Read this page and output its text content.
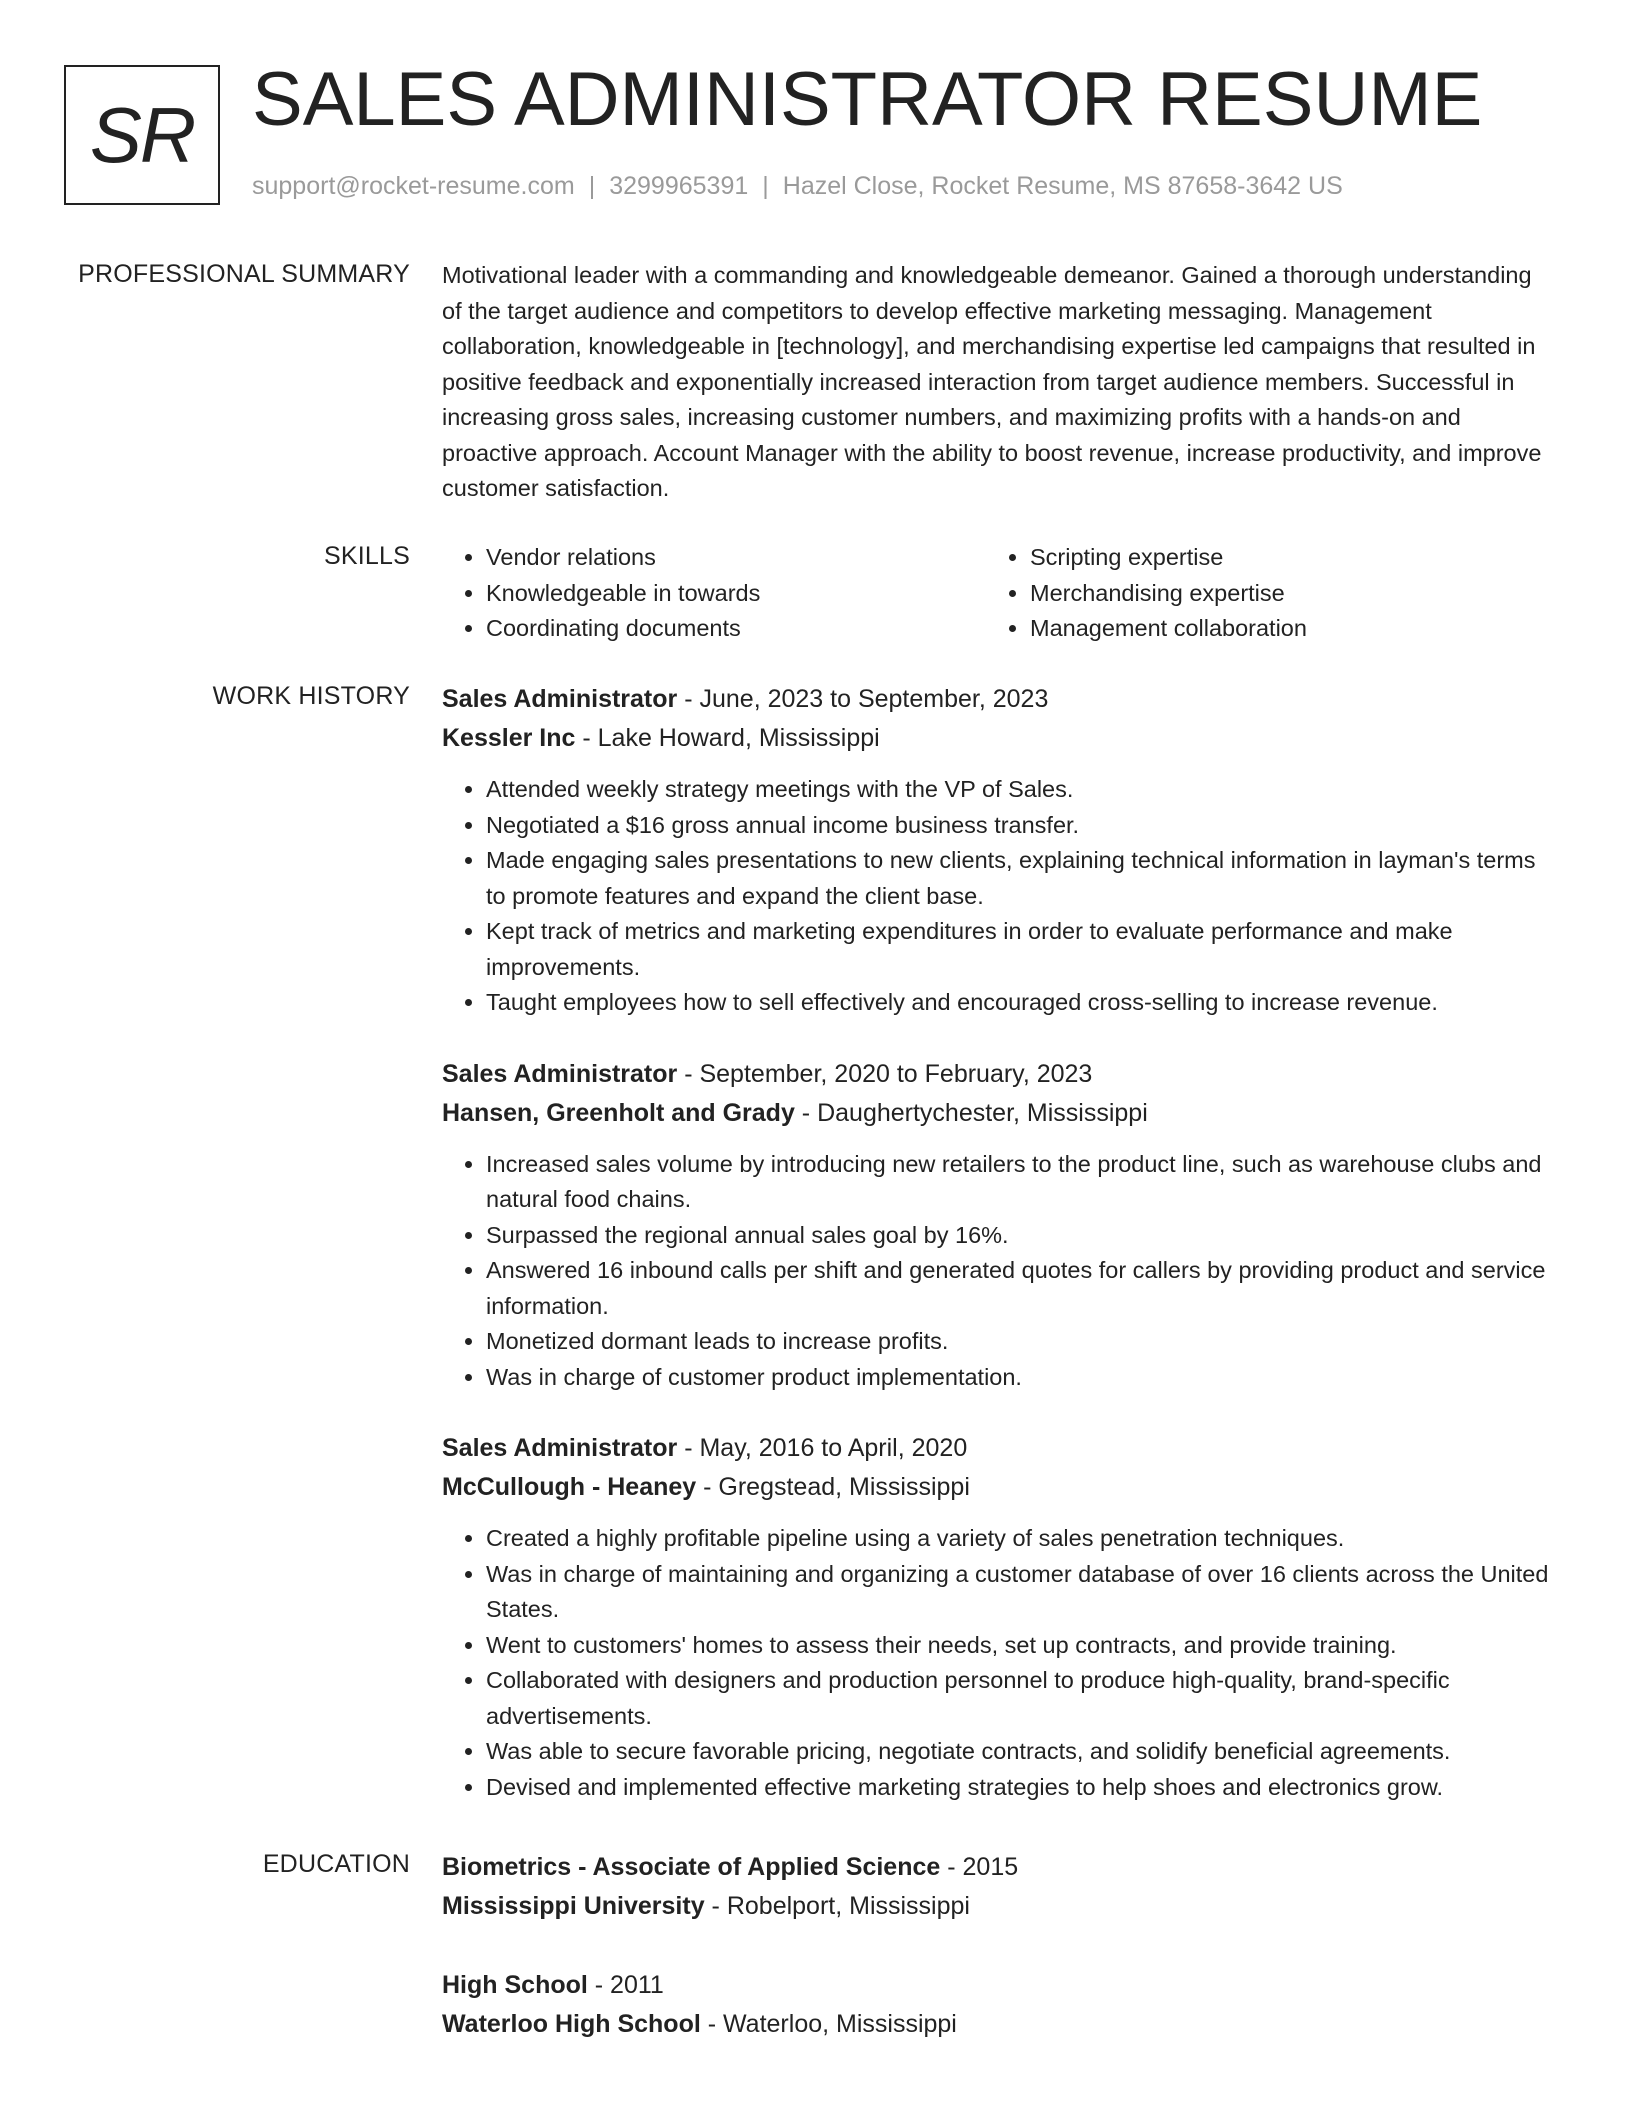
SR SALES ADMINISTRATOR RESUME
support@rocket-resume.com | 3299965391 | Hazel Close, Rocket Resume, MS 87658-3642 US
PROFESSIONAL SUMMARY Motivational leader with a commanding and knowledgeable demeanor. Gained a thorough understanding of the target audience and competitors to develop effective marketing messaging. Management collaboration, knowledgeable in [technology], and merchandising expertise led campaigns that resulted in positive feedback and exponentially increased interaction from target audience members. Successful in increasing gross sales, increasing customer numbers, and maximizing profits with a hands-on and proactive approach. Account Manager with the ability to boost revenue, increase productivity, and improve customer satisfaction.

SKILLS
•	Vendor relations
• Knowledgeable in towards
• Coordinating documents
• Scripting expertise
• Merchandising expertise
• Management collaboration
WORK HISTORY Sales Administrator - June, 2023 to September, 2023
Kessler Inc - Lake Howard, Mississippi
• Attended weekly strategy meetings with the VP of Sales.
• Negotiated a $16 gross annual income business transfer.
• Made engaging sales presentations to new clients, explaining technical information in layman's terms to promote features and expand the client base.
• Kept track of metrics and marketing expenditures in order to evaluate performance and make improvements.
• Taught employees how to sell effectively and encouraged cross-selling to increase revenue.
Sales Administrator - September, 2020 to February, 2023
Hansen, Greenholt and Grady - Daughertychester, Mississippi
• Increased sales volume by introducing new retailers to the product line, such as warehouse clubs and natural food chains.
• Surpassed the regional annual sales goal by 16%.
• Answered 16 inbound calls per shift and generated quotes for callers by providing product and service information.
• Monetized dormant leads to increase profits.
• Was in charge of customer product implementation.
Sales Administrator - May, 2016 to April, 2020
McCullough - Heaney - Gregstead, Mississippi
• Created a highly profitable pipeline using a variety of sales penetration techniques.
• Was in charge of maintaining and organizing a customer database of over 16 clients across the United States.
• Went to customers' homes to assess their needs, set up contracts, and provide training.
• Collaborated with designers and production personnel to produce high-quality, brand-specific advertisements.
• Was able to secure favorable pricing, negotiate contracts, and solidify beneficial agreements.
• Devised and implemented effective marketing strategies to help shoes and electronics grow.
EDUCATION Biometrics - Associate of Applied Science - 2015
Mississippi University - Robelport, Mississippi
High School - 2011
Waterloo High School - Waterloo, Mississippi
